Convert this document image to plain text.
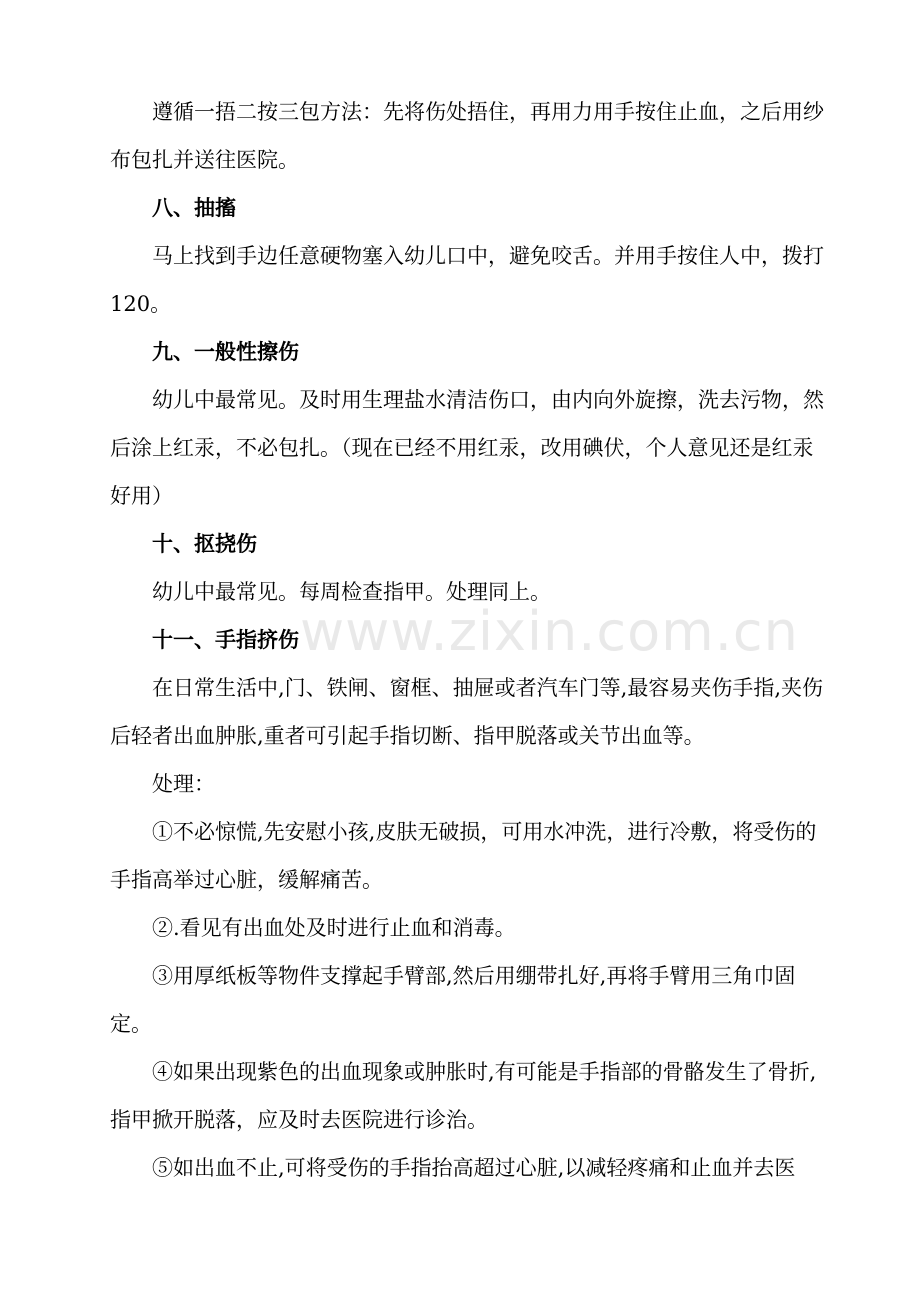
遵循一捂二按三包方法：先将伤处捂住，再用力用手按住止血，之后用纱布包扎并送往医院。

八、抽搐

马上找到手边任意硬物塞入幼儿口中，避免咬舌。并用手按住人中，拨打 120。

九、一般性擦伤

幼儿中最常见。及时用生理盐水清洁伤口，由内向外旋擦，洗去污物，然后涂上红汞，不必包扎。（现在已经不用红汞，改用碘伏，个人意见还是红汞好用）

十、抠挠伤

幼儿中最常见。每周检查指甲。处理同上。

十一、手指挤伤

在日常生活中,门、铁闸、窗框、抽屉或者汽车门等,最容易夹伤手指,夹伤后轻者出血肿胀,重者可引起手指切断、指甲脱落或关节出血等。

处理：

①不必惊慌,先安慰小孩,皮肤无破损，可用水冲洗，进行冷敷，将受伤的手指高举过心脏，缓解痛苦。

②.看见有出血处及时进行止血和消毒。

③用厚纸板等物件支撑起手臂部,然后用绷带扎好,再将手臂用三角巾固定。

④如果出现紫色的出血现象或肿胀时,有可能是手指部的骨骼发生了骨折,指甲掀开脱落，应及时去医院进行诊治。

⑤如出血不止,可将受伤的手指抬高超过心脏,以减轻疼痛和止血并去医

www.zixin.com.cn
